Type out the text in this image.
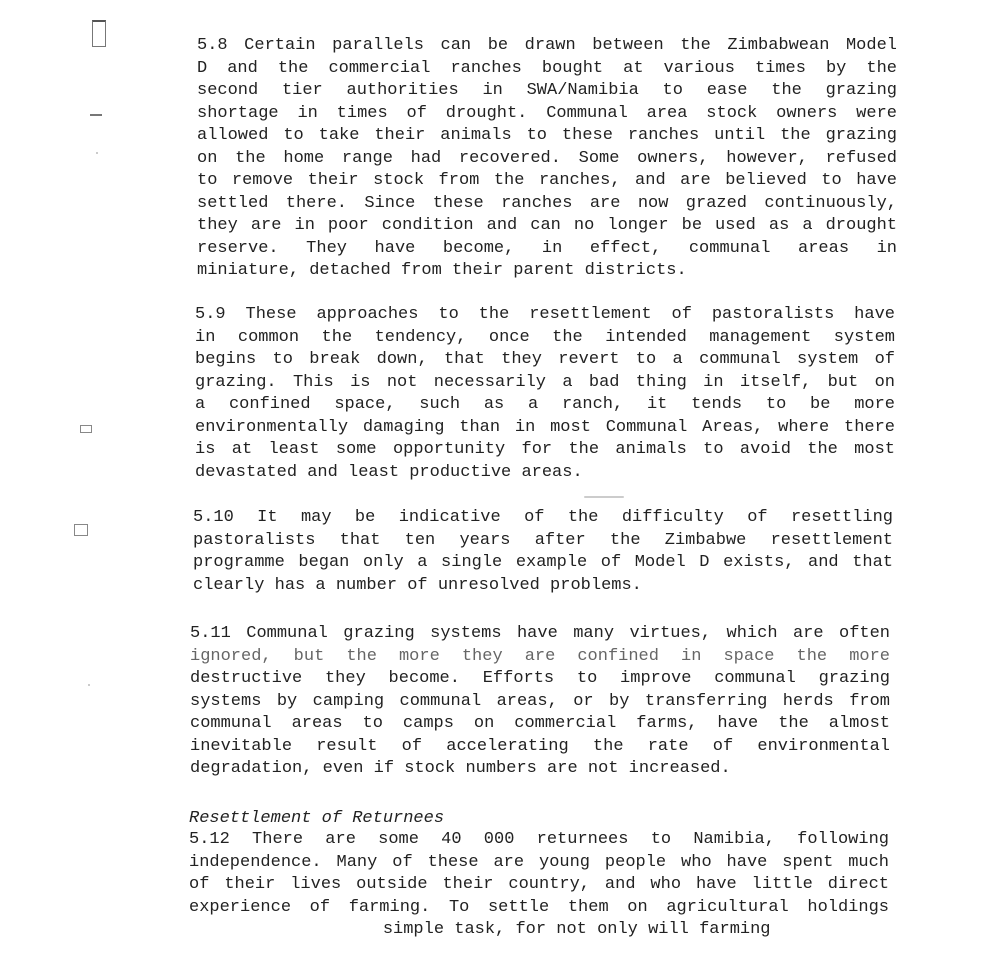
5.8 Certain parallels can be drawn between the Zimbabwean Model
D and the commercial ranches bought at various times by the
second tier authorities in SWA/Namibia to ease the grazing
shortage in times of drought. Communal area stock owners were
allowed to take their animals to these ranches until the grazing
on the home range had recovered. Some owners, however, refused
to remove their stock from the ranches, and are believed to have
settled there. Since these ranches are now grazed continuously,
they are in poor condition and can no longer be used as a drought
reserve. They have become, in effect, communal areas in
miniature, detached from their parent districts.
5.9 These approaches to the resettlement of pastoralists have
in common the tendency, once the intended management system
begins to break down, that they revert to a communal system of
grazing. This is not necessarily a bad thing in itself, but on
a confined space, such as a ranch, it tends to be more
environmentally damaging than in most Communal Areas, where there
is at least some opportunity for the animals to avoid the most
devastated and least productive areas.
5.10 It may be indicative of the difficulty of resettling
pastoralists that ten years after the Zimbabwe resettlement
programme began only a single example of Model D exists, and that
clearly has a number of unresolved problems.
5.11 Communal grazing systems have many virtues, which are often
ignored, but the more they are confined in space the more
destructive they become. Efforts to improve communal grazing
systems by camping communal areas, or by transferring herds from
communal areas to camps on commercial farms, have the almost
inevitable result of accelerating the rate of environmental
degradation, even if stock numbers are not increased.
Resettlement of Returnees
5.12 There are some 40 000 returnees to Namibia, following
independence. Many of these are young people who have spent much
of their lives outside their country, and who have little direct
experience of farming. To settle them on agricultural holdings
simple task, for not only will farming
